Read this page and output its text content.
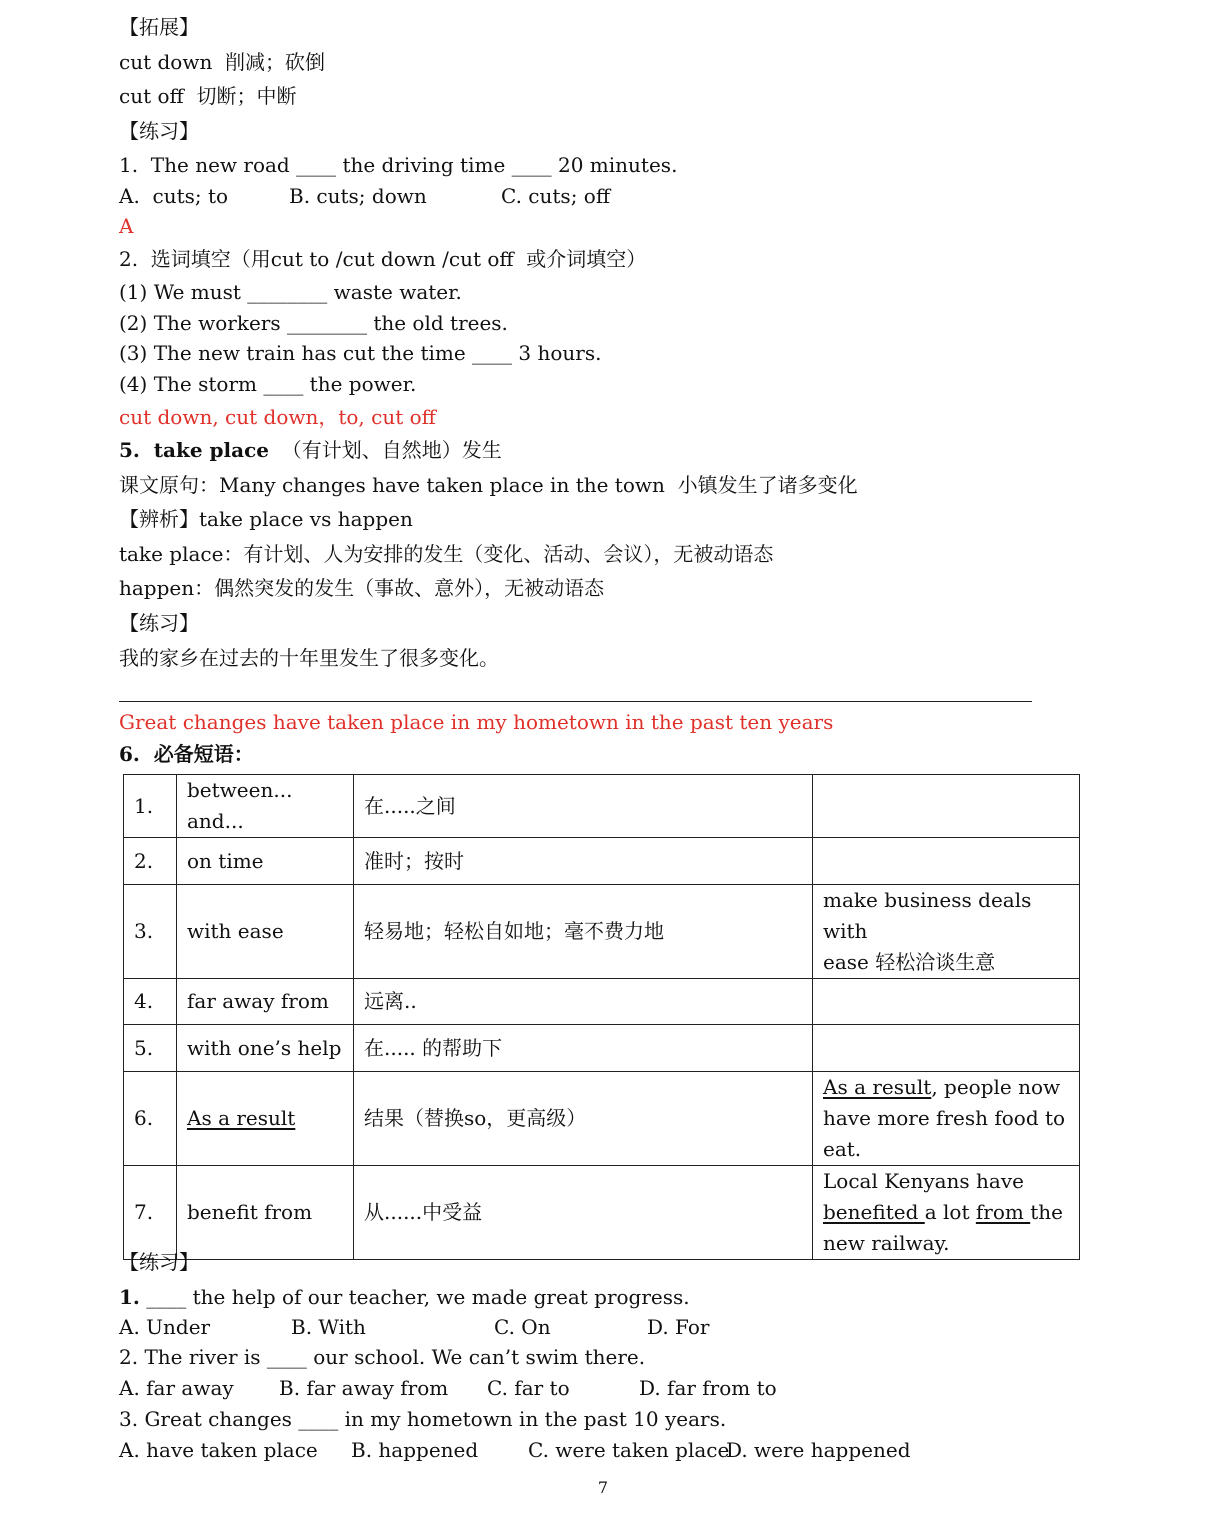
【拓展】
cut down  削减；砍倒
cut off  切断；中断
【练习】
1.  The new road ____ the driving time ____ 20 minutes.
A.  cuts; to	B. cuts; down	C. cuts; off
A
2.  选词填空（用cut to /cut down /cut off  或介词填空）
(1) We must ________ waste water.
(2) The workers ________ the old trees.
(3) The new train has cut the time ____ 3 hours.
(4) The storm ____ the power.
cut down, cut down，to, cut off
5.  take place  （有计划、自然地）发生
课文原句：Many changes have taken place in the town  小镇发生了诸多变化
【辨析】take place vs happen
take place：有计划、人为安排的发生（变化、活动、会议），无被动语态
happen：偶然突发的发生（事故、意外），无被动语态
【练习】
我的家乡在过去的十年里发生了很多变化。
Great changes have taken place in my hometown in the past ten years
6.  必备短语：
1.	between... and...	在.....之间	
2.	on time	准时；按时	
3.	with ease	轻易地；轻松自如地；毫不费力地	make business deals with
ease 轻松洽谈生意

4.	far away from	远离..	
5.	with one’s help	在..... 的帮助下	
6.	As a result	结果（替换so，更高级）	As a result, people now
have more fresh food to
eat.

7.	benefit from	从......中受益	Local Kenyans have
benefited a lot from the
new railway.
【练习】
1. ____ the help of our teacher, we made great progress.
A. Under	B. With	C. On	D. For
2. The river is ____ our school. We can’t swim there.
A. far away B. far away from C. far to	D. far from to
3. Great changes ____ in my hometown in the past 10 years.
A. have taken place B. happened C. were taken place
D. were happened
7
